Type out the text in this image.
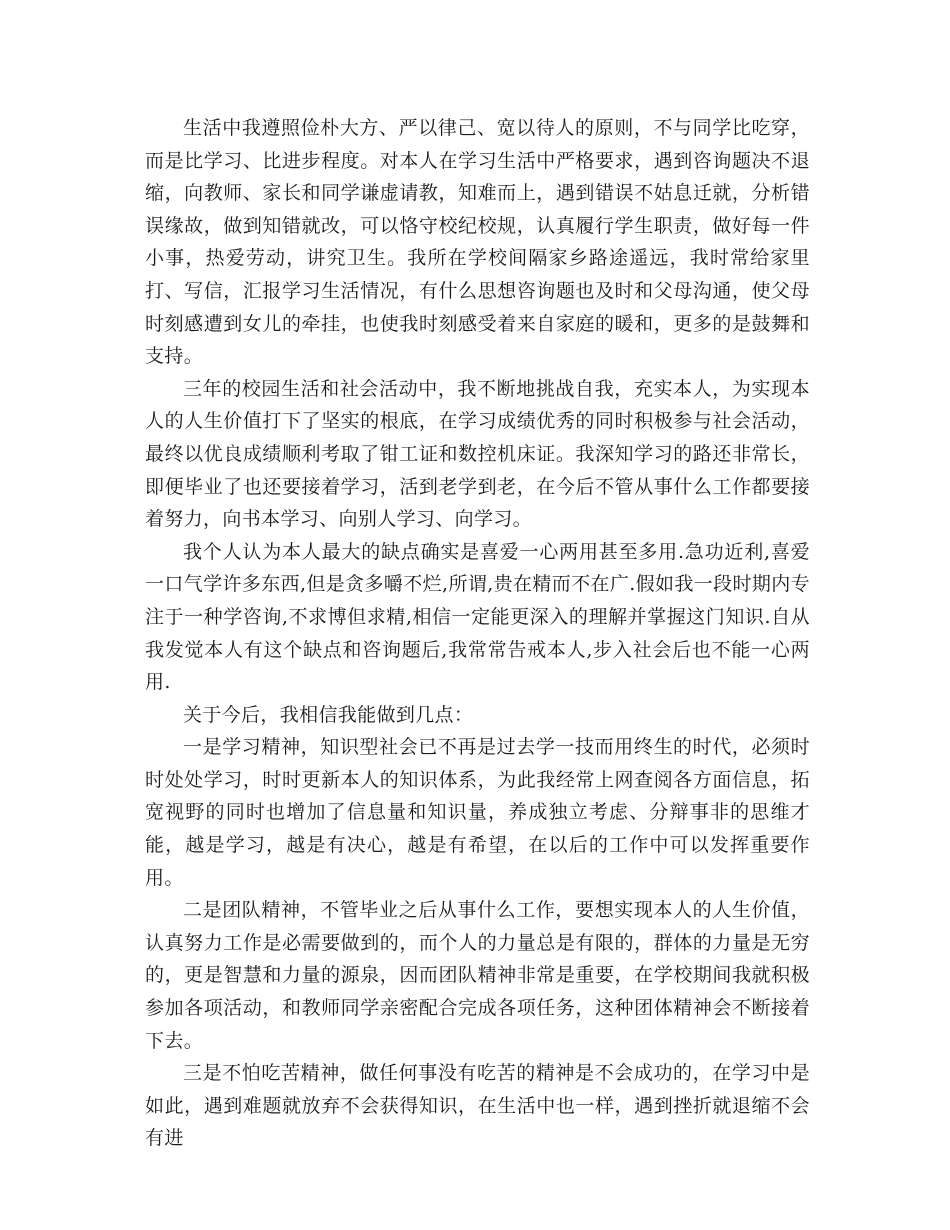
生活中我遵照俭朴大方、严以律己、宽以待人的原则，不与同学比吃穿，而是比学习、比进步程度。对本人在学习生活中严格要求，遇到咨询题决不退缩，向教师、家长和同学谦虚请教，知难而上，遇到错误不姑息迁就，分析错误缘故，做到知错就改，可以恪守校纪校规，认真履行学生职责，做好每一件小事，热爱劳动，讲究卫生。我所在学校间隔家乡路途遥远，我时常给家里打、写信，汇报学习生活情况，有什么思想咨询题也及时和父母沟通，使父母时刻感遭到女儿的牵挂，也使我时刻感受着来自家庭的暖和，更多的是鼓舞和支持。

三年的校园生活和社会活动中，我不断地挑战自我，充实本人，为实现本人的人生价值打下了坚实的根底，在学习成绩优秀的同时积极参与社会活动，最终以优良成绩顺利考取了钳工证和数控机床证。我深知学习的路还非常长，即便毕业了也还要接着学习，活到老学到老，在今后不管从事什么工作都要接着努力，向书本学习、向别人学习、向学习。

我个人认为本人最大的缺点确实是喜爱一心两用甚至多用.急功近利,喜爱一口气学许多东西,但是贪多嚼不烂,所谓,贵在精而不在广.假如我一段时期内专注于一种学咨询,不求博但求精,相信一定能更深入的理解并掌握这门知识.自从我发觉本人有这个缺点和咨询题后,我常常告戒本人,步入社会后也不能一心两用.

关于今后，我相信我能做到几点：

一是学习精神，知识型社会已不再是过去学一技而用终生的时代，必须时时处处学习，时时更新本人的知识体系，为此我经常上网查阅各方面信息，拓宽视野的同时也增加了信息量和知识量，养成独立考虑、分辩事非的思维才能，越是学习，越是有决心，越是有希望，在以后的工作中可以发挥重要作用。

二是团队精神，不管毕业之后从事什么工作，要想实现本人的人生价值，认真努力工作是必需要做到的，而个人的力量总是有限的，群体的力量是无穷的，更是智慧和力量的源泉，因而团队精神非常是重要，在学校期间我就积极参加各项活动，和教师同学亲密配合完成各项任务，这种团体精神会不断接着下去。

三是不怕吃苦精神，做任何事没有吃苦的精神是不会成功的，在学习中是如此，遇到难题就放弃不会获得知识，在生活中也一样，遇到挫折就退缩不会有进
